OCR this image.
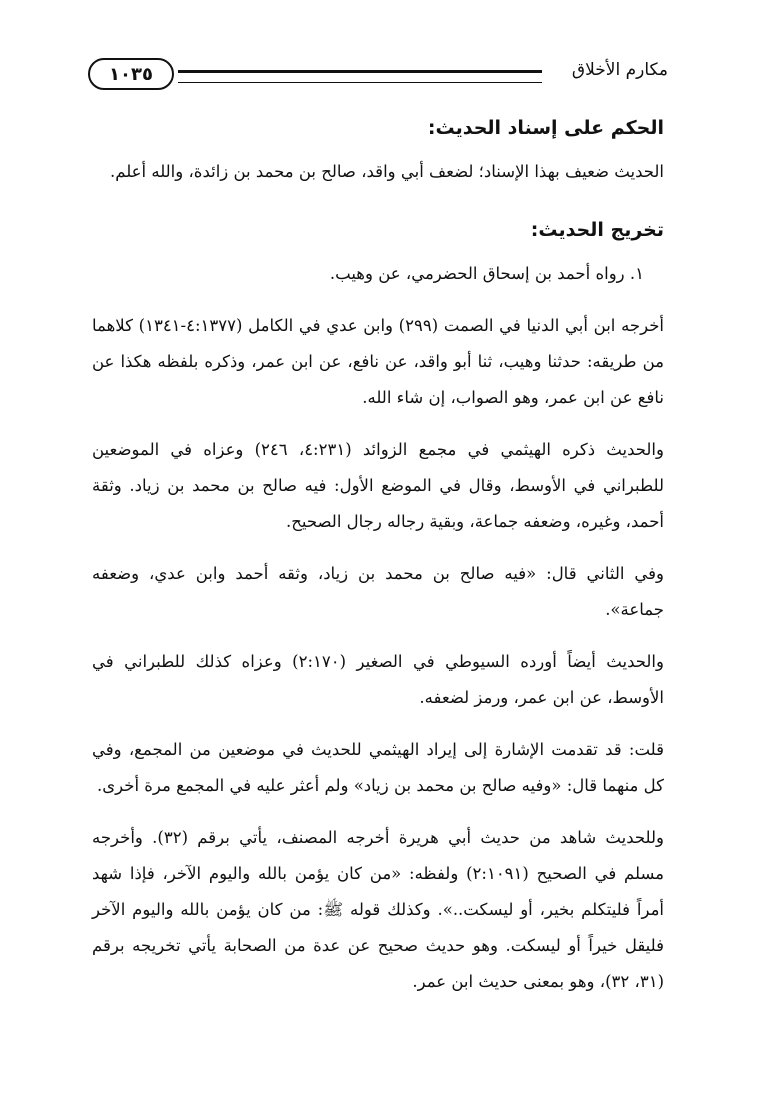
مكارم الأخلاق
١٠٣٥
الحكم على إسناد الحديث:

الحديث ضعيف بهذا الإسناد؛ لضعف أبي واقد، صالح بن محمد بن زائدة، والله أعلم.

تخريج الحديث:

١. رواه أحمد بن إسحاق الحضرمي، عن وهيب.

أخرجه ابن أبي الدنيا في الصمت (٢٩٩) وابن عدي في الكامل (٤:١٣٧٧-١٣٤١) كلاهما من طريقه: حدثنا وهيب، ثنا أبو واقد، عن نافع، عن ابن عمر، وذكره بلفظه هكذا عن نافع عن ابن عمر، وهو الصواب، إن شاء الله.

والحديث ذكره الهيثمي في مجمع الزوائد (٤:٢٣١، ٢٤٦) وعزاه في الموضعين للطبراني في الأوسط، وقال في الموضع الأول: فيه صالح بن محمد بن زياد. وثقة أحمد، وغيره، وضعفه جماعة، وبقية رجاله رجال الصحيح.

وفي الثاني قال: «فيه صالح بن محمد بن زياد، وثقه أحمد وابن عدي، وضعفه جماعة».

والحديث أيضاً أورده السيوطي في الصغير (٢:١٧٠) وعزاه كذلك للطبراني في الأوسط، عن ابن عمر، ورمز لضعفه.

قلت: قد تقدمت الإشارة إلى إيراد الهيثمي للحديث في موضعين من المجمع، وفي كل منهما قال: «وفيه صالح بن محمد بن زياد» ولم أعثر عليه في المجمع مرة أخرى.

وللحديث شاهد من حديث أبي هريرة أخرجه المصنف، يأتي برقم (٣٢). وأخرجه مسلم في الصحيح (٢:١٠٩١) ولفظه: «من كان يؤمن بالله واليوم الآخر، فإذا شهد أمراً فليتكلم بخير، أو ليسكت..». وكذلك قوله ﷺ: من كان يؤمن بالله واليوم الآخر فليقل خيراً أو ليسكت. وهو حديث صحيح عن عدة من الصحابة يأتي تخريجه برقم (٣١، ٣٢)، وهو بمعنى حديث ابن عمر.
